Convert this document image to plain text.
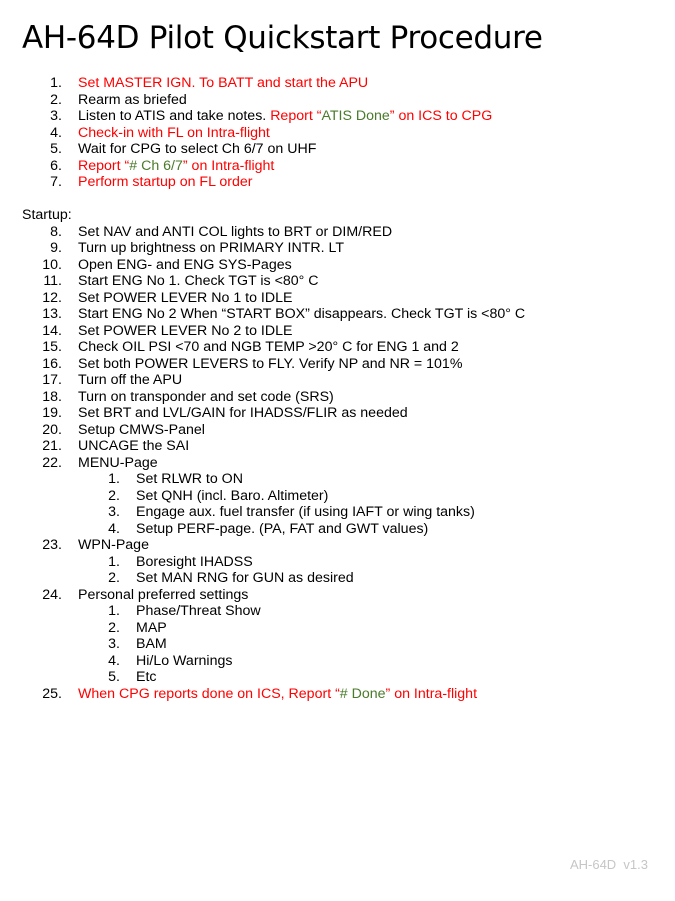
AH-64D Pilot Quickstart Procedure
1. Set MASTER IGN. To BATT and start the APU
2. Rearm as briefed
3. Listen to ATIS and take notes. Report “ATIS Done” on ICS to CPG
4. Check-in with FL on Intra-flight
5. Wait for CPG to select Ch 6/7 on UHF
6. Report “# Ch 6/7” on Intra-flight
7. Perform startup on FL order
Startup:
8. Set NAV and ANTI COL lights to BRT or DIM/RED
9. Turn up brightness on PRIMARY INTR. LT
10. Open ENG- and ENG SYS-Pages
11. Start ENG No 1. Check TGT is <80° C
12. Set POWER LEVER No 1 to IDLE
13. Start ENG No 2 When “START BOX” disappears. Check TGT is <80° C
14. Set POWER LEVER No 2 to IDLE
15. Check OIL PSI <70 and NGB TEMP >20° C for ENG 1 and 2
16. Set both POWER LEVERS to FLY. Verify NP and NR = 101%
17. Turn off the APU
18. Turn on transponder and set code (SRS)
19. Set BRT and LVL/GAIN for IHADSS/FLIR as needed
20. Setup CMWS-Panel
21. UNCAGE the SAI
22. MENU-Page
1. Set RLWR to ON
2. Set QNH (incl. Baro. Altimeter)
3. Engage aux. fuel transfer (if using IAFT or wing tanks)
4. Setup PERF-page. (PA, FAT and GWT values)
23. WPN-Page
1. Boresight IHADSS
2. Set MAN RNG for GUN as desired
24. Personal preferred settings
1. Phase/Threat Show
2. MAP
3. BAM
4. Hi/Lo Warnings
5. Etc
25. When CPG reports done on ICS, Report “# Done” on Intra-flight
AH-64D  v1.3
